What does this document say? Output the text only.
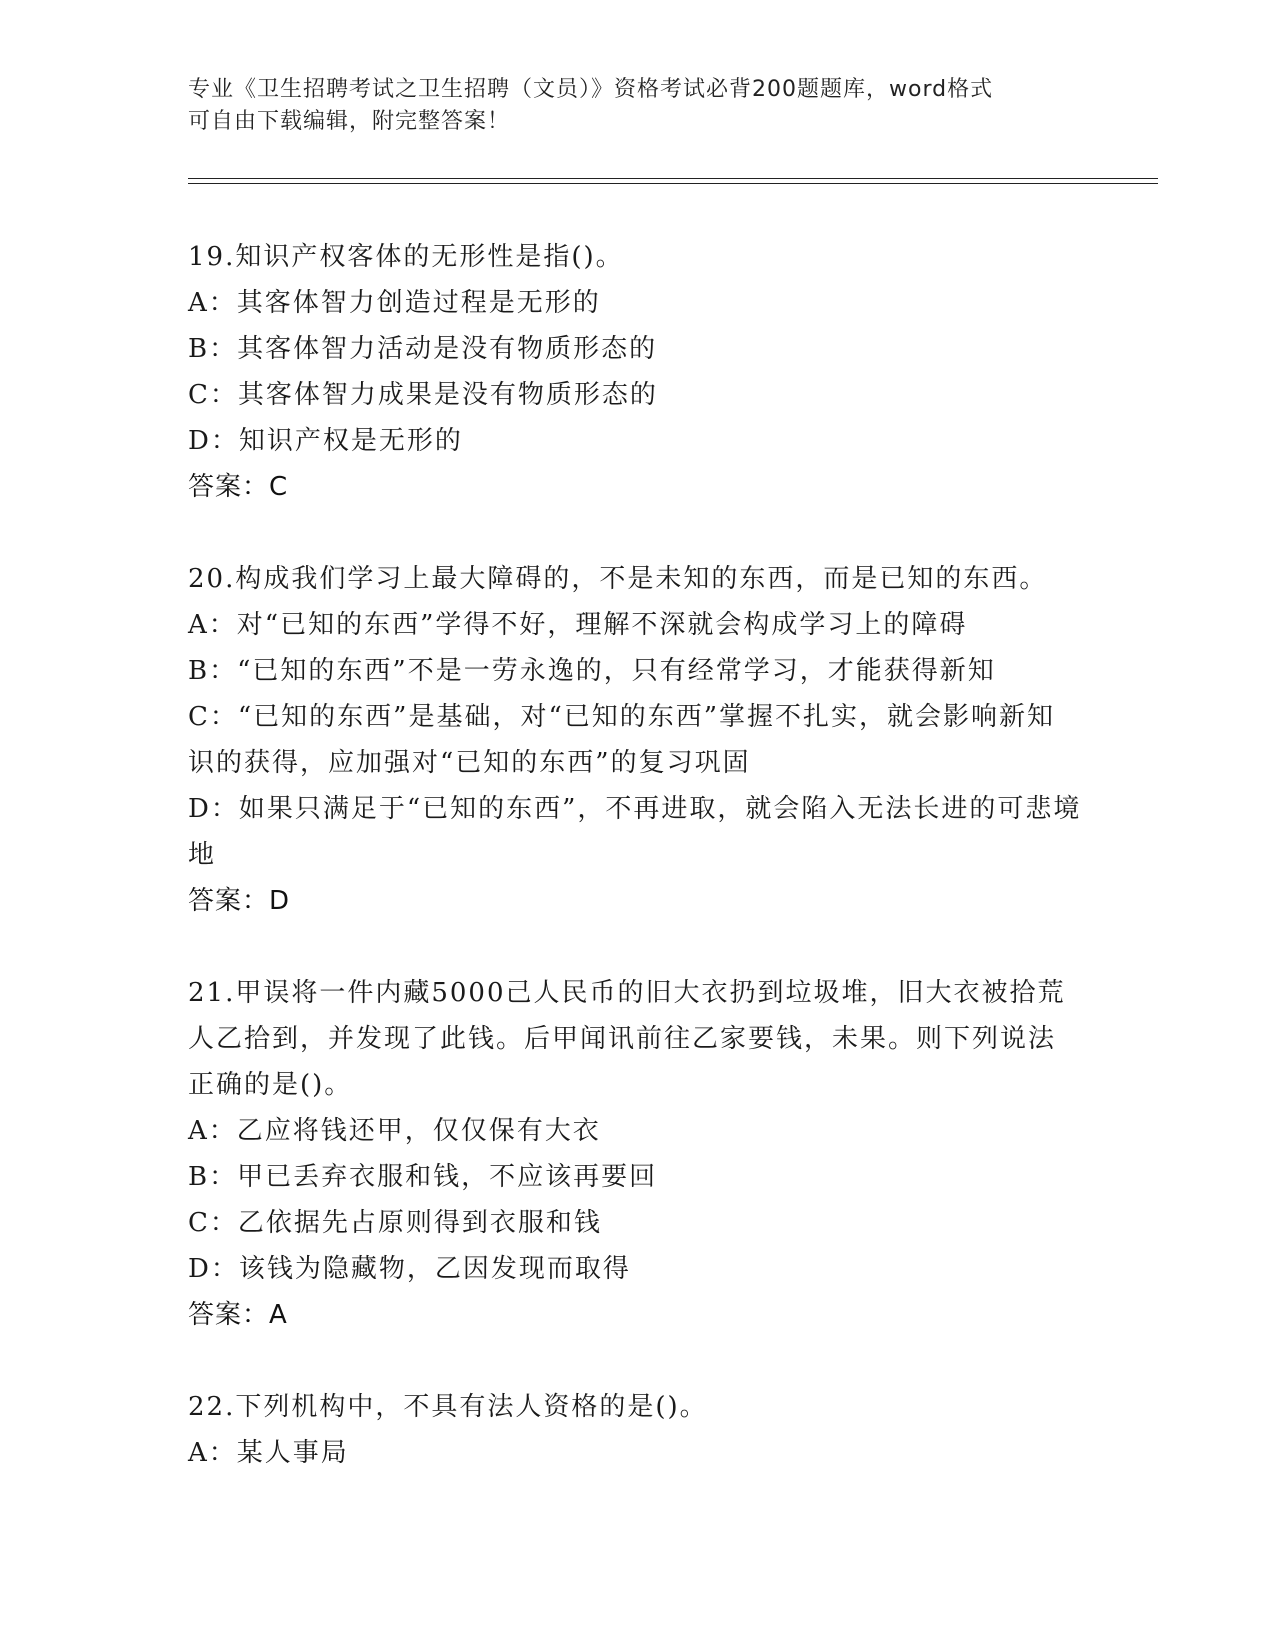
专业《卫生招聘考试之卫生招聘（文员）》资格考试必背200题题库，word格式
可自由下载编辑，附完整答案！
19.知识产权客体的无形性是指()。
A：其客体智力创造过程是无形的
B：其客体智力活动是没有物质形态的
C：其客体智力成果是没有物质形态的
D：知识产权是无形的
答案：C
20.构成我们学习上最大障碍的，不是未知的东西，而是已知的东西。
A：对“已知的东西”学得不好，理解不深就会构成学习上的障碍
B：“已知的东西”不是一劳永逸的，只有经常学习，才能获得新知
C：“已知的东西”是基础，对“已知的东西”掌握不扎实，就会影响新知识的获得，应加强对“已知的东西”的复习巩固
D：如果只满足于“已知的东西”，不再进取，就会陷入无法长进的可悲境地
答案：D
21.甲误将一件内藏5000己人民币的旧大衣扔到垃圾堆，旧大衣被拾荒人乙拾到，并发现了此钱。后甲闻讯前往乙家要钱，未果。则下列说法正确的是()。
A：乙应将钱还甲，仅仅保有大衣
B：甲已丢弃衣服和钱，不应该再要回
C：乙依据先占原则得到衣服和钱
D：该钱为隐藏物，乙因发现而取得
答案：A
22.下列机构中，不具有法人资格的是()。
A：某人事局
